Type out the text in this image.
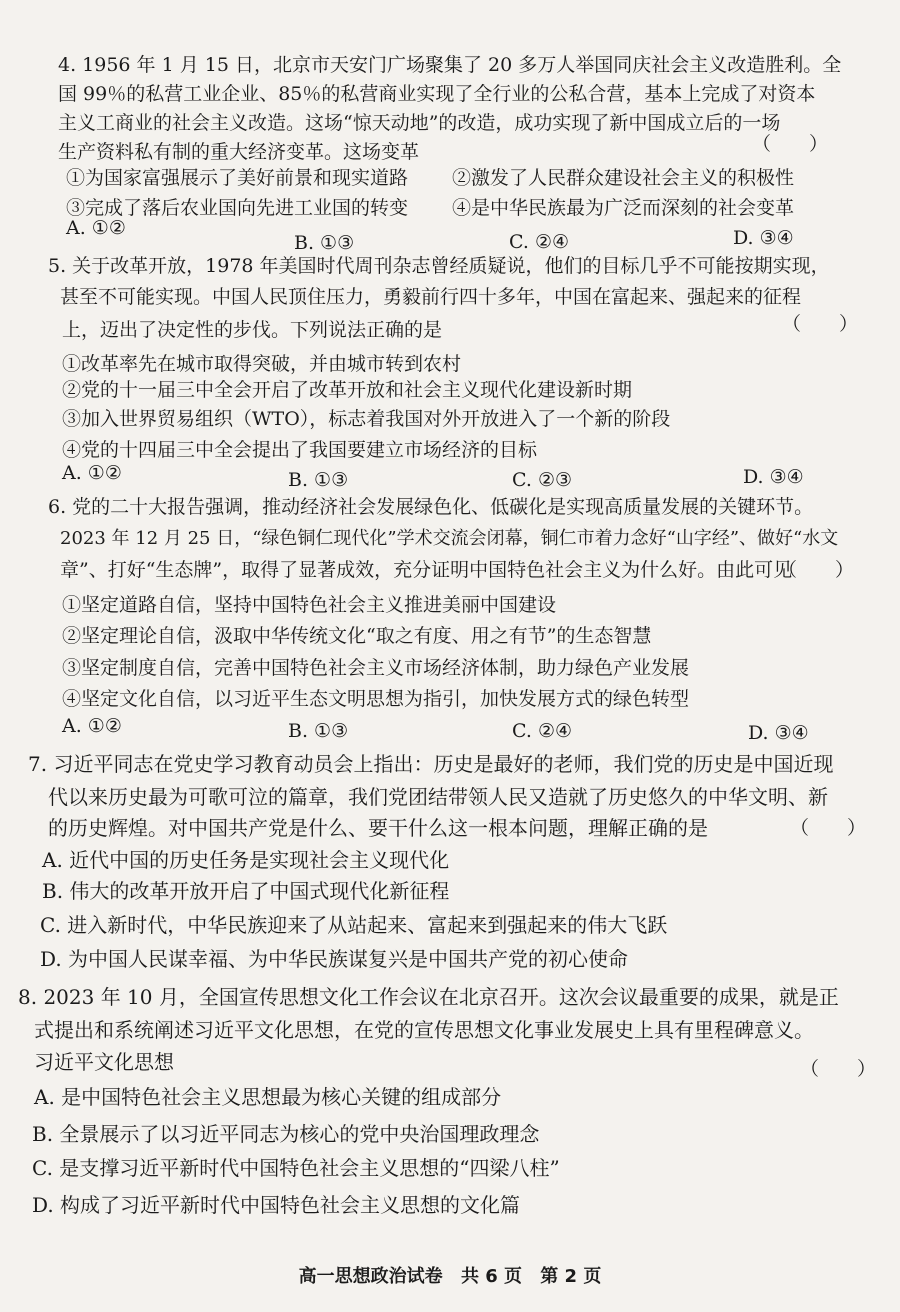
4. 1956 年 1 月 15 日，北京市天安门广场聚集了 20 多万人举国同庆社会主义改造胜利。全
国 99％的私营工业企业、85％的私营商业实现了全行业的公私合营，基本上完成了对资本
主义工商业的社会主义改造。这场“惊天动地”的改造，成功实现了新中国成立后的一场
生产资料私有制的重大经济变革。这场变革	（　　）
①为国家富强展示了美好前景和现实道路 ②激发了人民群众建设社会主义的积极性
③完成了落后农业国向先进工业国的转变 ④是中华民族最为广泛而深刻的社会变革
A. ①②
B. ①③	C. ②④	D. ③④
5. 关于改革开放，1978 年美国时代周刊杂志曾经质疑说，他们的目标几乎不可能按期实现，
甚至不可能实现。中国人民顶住压力，勇毅前行四十多年，中国在富起来、强起来的征程
上，迈出了决定性的步伐。下列说法正确的是	（　　）
①改革率先在城市取得突破，并由城市转到农村
②党的十一届三中全会开启了改革开放和社会主义现代化建设新时期
③加入世界贸易组织（WTO），标志着我国对外开放进入了一个新的阶段
④党的十四届三中全会提出了我国要建立市场经济的目标
A. ①②	B. ①③	C. ②③	D. ③④
6. 党的二十大报告强调，推动经济社会发展绿色化、低碳化是实现高质量发展的关键环节。
2023 年 12 月 25 日，“绿色铜仁现代化”学术交流会闭幕，铜仁市着力念好“山字经”、做好“水文
章”、打好“生态牌”，取得了显著成效，充分证明中国特色社会主义为什么好。由此可见
（　　）
①坚定道路自信，坚持中国特色社会主义推进美丽中国建设
②坚定理论自信，汲取中华传统文化“取之有度、用之有节”的生态智慧
③坚定制度自信，完善中国特色社会主义市场经济体制，助力绿色产业发展
④坚定文化自信，以习近平生态文明思想为指引，加快发展方式的绿色转型
A. ①②	B. ①③	C. ②④	D. ③④
7. 习近平同志在党史学习教育动员会上指出：历史是最好的老师，我们党的历史是中国近现
代以来历史最为可歌可泣的篇章，我们党团结带领人民又造就了历史悠久的中华文明、新
的历史辉煌。对中国共产党是什么、要干什么这一根本问题，理解正确的是	（　　）
A. 近代中国的历史任务是实现社会主义现代化
B. 伟大的改革开放开启了中国式现代化新征程
C. 进入新时代，中华民族迎来了从站起来、富起来到强起来的伟大飞跃
D. 为中国人民谋幸福、为中华民族谋复兴是中国共产党的初心使命
8. 2023 年 10 月，全国宣传思想文化工作会议在北京召开。这次会议最重要的成果，就是正
式提出和系统阐述习近平文化思想，在党的宣传思想文化事业发展史上具有里程碑意义。
习近平文化思想	（　　）
A. 是中国特色社会主义思想最为核心关键的组成部分
B. 全景展示了以习近平同志为核心的党中央治国理政理念
C. 是支撑习近平新时代中国特色社会主义思想的“四梁八柱”
D. 构成了习近平新时代中国特色社会主义思想的文化篇
高一思想政治试卷 共 6 页 第 2 页
